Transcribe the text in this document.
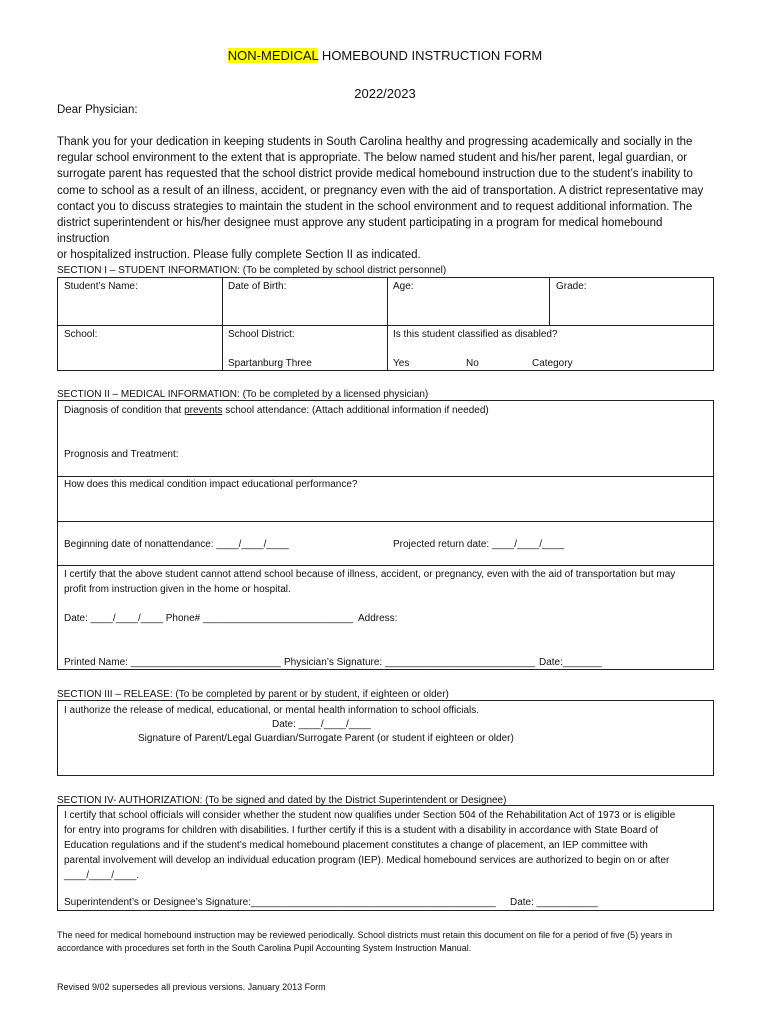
NON-MEDICAL HOMEBOUND INSTRUCTION FORM
2022/2023
Dear Physician:
Thank you for your dedication in keeping students in South Carolina healthy and progressing academically and socially in the
regular school environment to the extent that is appropriate. The below named student and his/her parent, legal guardian, or
surrogate parent has requested that the school district provide medical homebound instruction due to the student’s inability to
come to school as a result of an illness, accident, or pregnancy even with the aid of transportation. A district representative may
contact you to discuss strategies to maintain the student in the school environment and to request additional information. The
district superintendent or his/her designee must approve any student participating in a program for medical homebound instruction
or hospitalized instruction. Please fully complete Section II as indicated.
SECTION I – STUDENT INFORMATION: (To be completed by school district personnel)
Student’s Name:	Date of Birth:	Age:	Grade:
School:	School District:
Spartanburg Three
Is this student classified as disabled?
Yes	No	Category
SECTION II – MEDICAL INFORMATION: (To be completed by a licensed physician)
Diagnosis of condition that prevents school attendance: (Attach additional information if needed)
Prognosis and Treatment:
How does this medical condition impact educational performance?
Beginning date of nonattendance: ____/____/____	Projected return date: ____/____/____
I certify that the above student cannot attend school because of illness, accident, or pregnancy, even with the aid of transportation but may
profit from instruction given in the home or hospital.
Date: ____/____/____ Phone# ___________________________ Address:
Printed Name: ___________________________ Physician’s Signature: ___________________________ Date:_______
SECTION III – RELEASE: (To be completed by parent or by student, if eighteen or older)
I authorize the release of medical, educational, or mental health information to school officials.
Date: ____/____/____
Signature of Parent/Legal Guardian/Surrogate Parent (or student if eighteen or older)
SECTION IV- AUTHORIZATION: (To be signed and dated by the District Superintendent or Designee)
I certify that school officials will consider whether the student now qualifies under Section 504 of the Rehabilitation Act of 1973 or is eligible
for entry into programs for children with disabilities. I further certify if this is a student with a disability in accordance with State Board of
Education regulations and if the student’s medical homebound placement constitutes a change of placement, an IEP committee with
parental involvement will develop an individual education program (IEP). Medical homebound services are authorized to begin on or after
____/____/____.
Superintendent’s or Designee’s Signature:____________________________________________ Date: ___________
The need for medical homebound instruction may be reviewed periodically. School districts must retain this document on file for a period of five (5) years in
accordance with procedures set forth in the South Carolina Pupil Accounting System Instruction Manual.
Revised 9/02 supersedes all previous versions. January 2013 Form
